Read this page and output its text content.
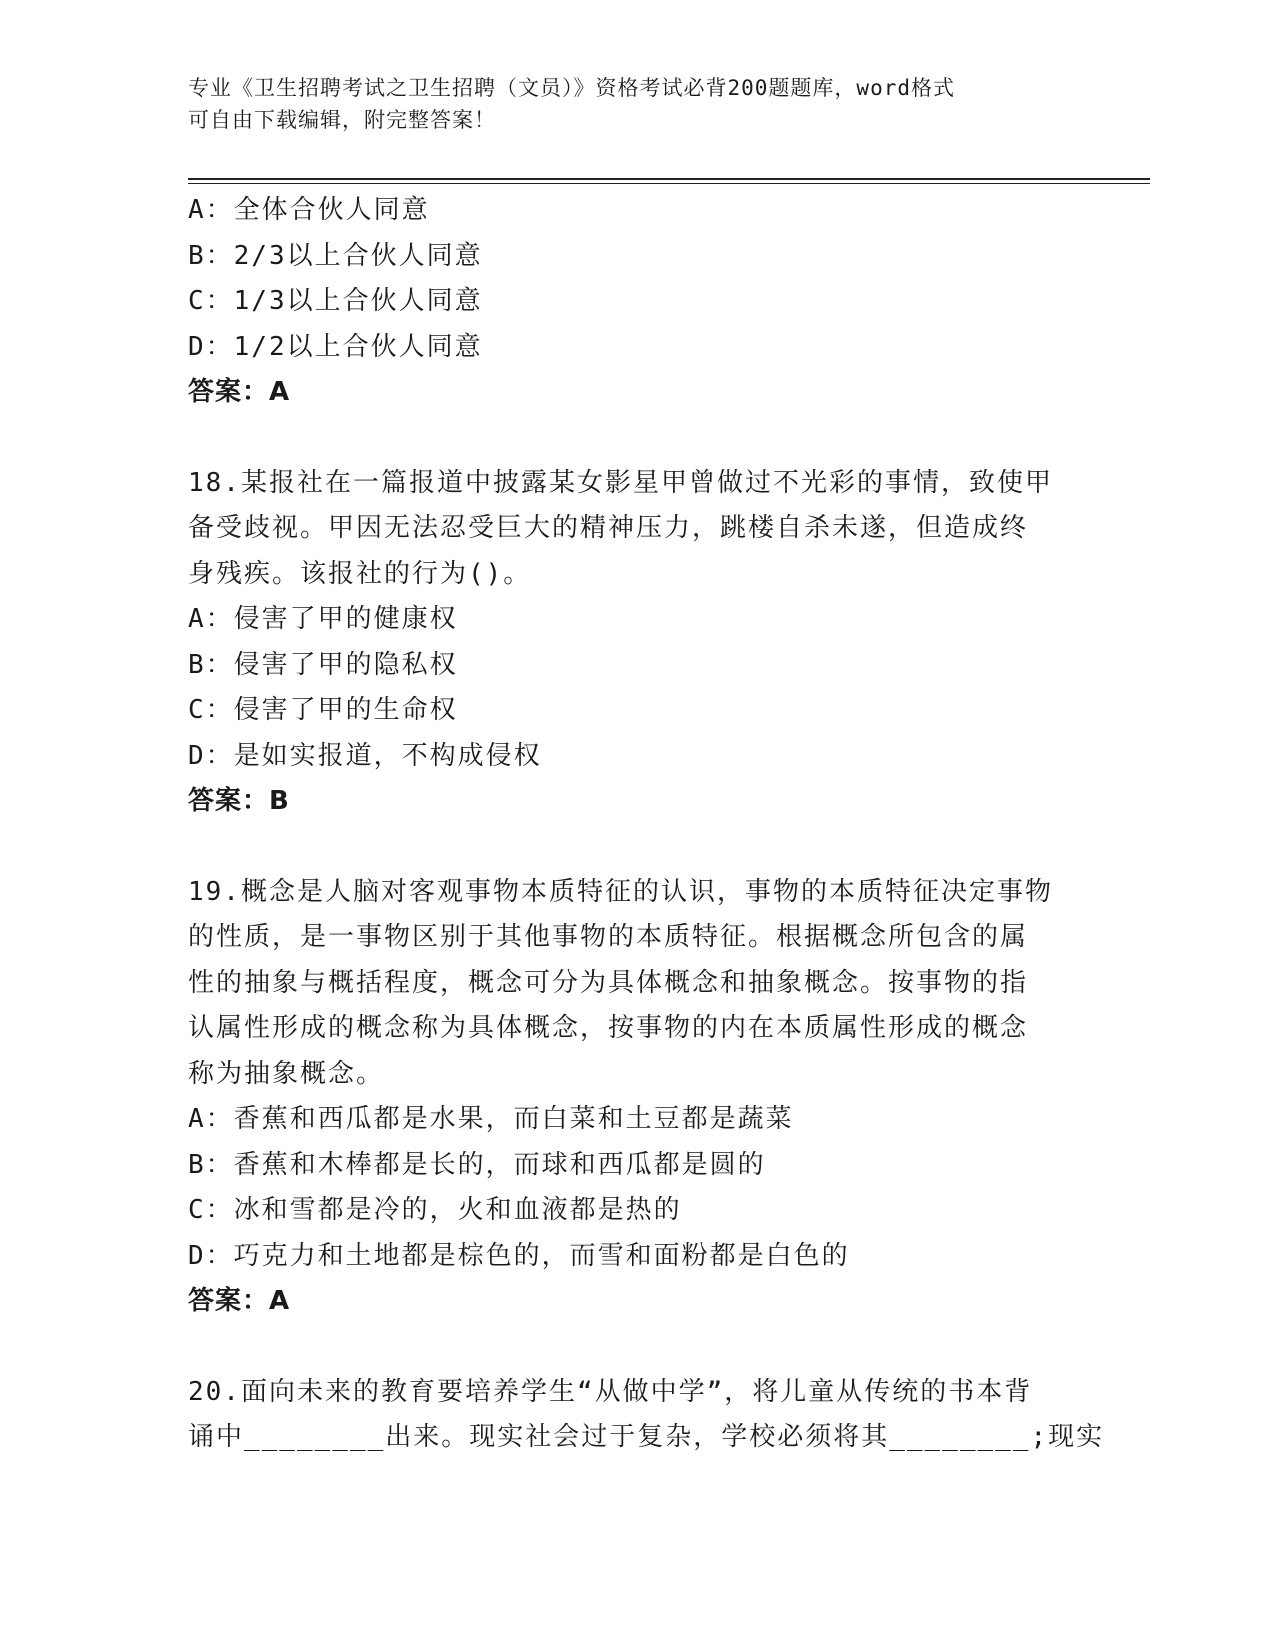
专业《卫生招聘考试之卫生招聘（文员）》资格考试必背200题题库，word格式
可自由下载编辑，附完整答案！
A：全体合伙人同意
B：2/3以上合伙人同意
C：1/3以上合伙人同意
D：1/2以上合伙人同意
答案：A
18.某报社在一篇报道中披露某女影星甲曾做过不光彩的事情，致使甲
备受歧视。甲因无法忍受巨大的精神压力，跳楼自杀未遂，但造成终
身残疾。该报社的行为()。
A：侵害了甲的健康权
B：侵害了甲的隐私权
C：侵害了甲的生命权
D：是如实报道，不构成侵权
答案：B
19.概念是人脑对客观事物本质特征的认识，事物的本质特征决定事物
的性质，是一事物区别于其他事物的本质特征。根据概念所包含的属
性的抽象与概括程度，概念可分为具体概念和抽象概念。按事物的指
认属性形成的概念称为具体概念，按事物的内在本质属性形成的概念
称为抽象概念。
A：香蕉和西瓜都是水果，而白菜和土豆都是蔬菜
B：香蕉和木棒都是长的，而球和西瓜都是圆的
C：冰和雪都是冷的，火和血液都是热的
D：巧克力和土地都是棕色的，而雪和面粉都是白色的
答案：A
20.面向未来的教育要培养学生“从做中学”，将儿童从传统的书本背
诵中________出来。现实社会过于复杂，学校必须将其________;现实
